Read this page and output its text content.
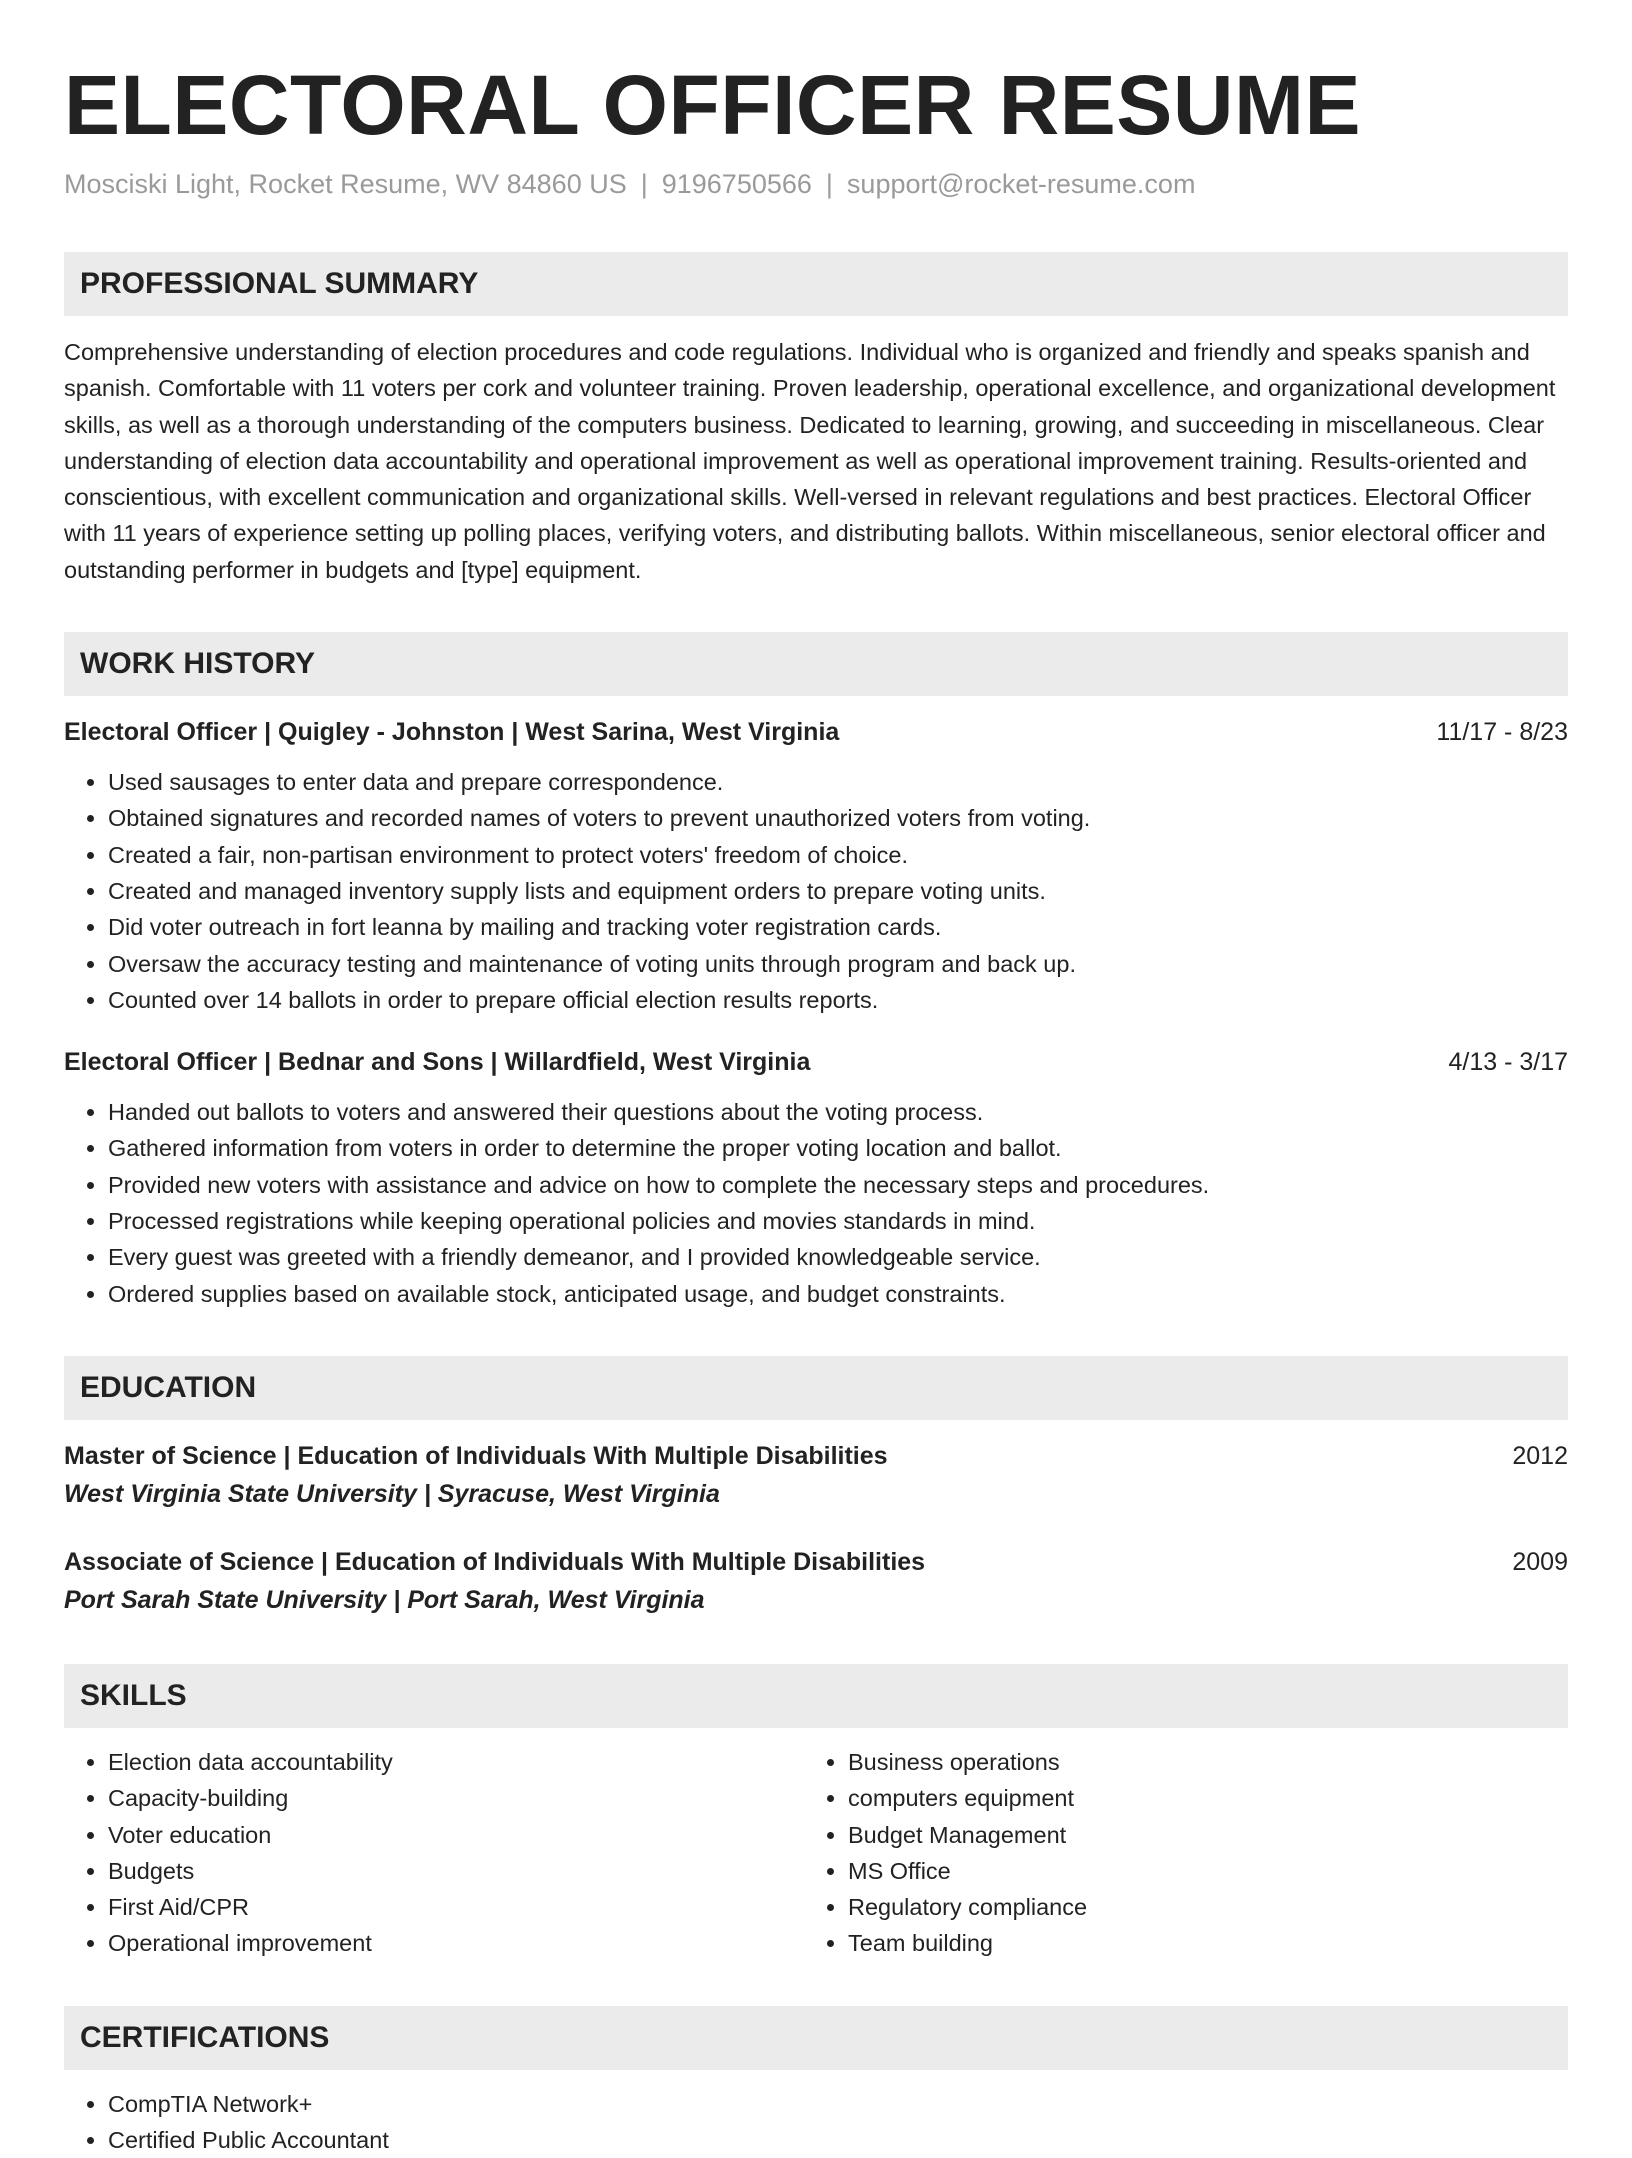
ELECTORAL OFFICER RESUME
Mosciski Light, Rocket Resume, WV 84860 US | 9196750566 | support@rocket-resume.com
PROFESSIONAL SUMMARY

Comprehensive understanding of election procedures and code regulations. Individual who is organized and friendly and speaks spanish and spanish. Comfortable with 11 voters per cork and volunteer training. Proven leadership, operational excellence, and organizational development skills, as well as a thorough understanding of the computers business. Dedicated to learning, growing, and succeeding in miscellaneous. Clear understanding of election data accountability and operational improvement as well as operational improvement training. Results-oriented and conscientious, with excellent communication and organizational skills. Well-versed in relevant regulations and best practices. Electoral Officer with 11 years of experience setting up polling places, verifying voters, and distributing ballots. Within miscellaneous, senior electoral officer and outstanding performer in budgets and [type] equipment.

WORK HISTORY
Electoral Officer | Quigley - Johnston | West Sarina, West Virginia	11/17 - 8/23
• Used sausages to enter data and prepare correspondence.
• Obtained signatures and recorded names of voters to prevent unauthorized voters from voting.
• Created a fair, non-partisan environment to protect voters' freedom of choice.
• Created and managed inventory supply lists and equipment orders to prepare voting units.
• Did voter outreach in fort leanna by mailing and tracking voter registration cards.
• Oversaw the accuracy testing and maintenance of voting units through program and back up.
• Counted over 14 ballots in order to prepare official election results reports.
Electoral Officer | Bednar and Sons | Willardfield, West Virginia	4/13 - 3/17
• Handed out ballots to voters and answered their questions about the voting process.
• Gathered information from voters in order to determine the proper voting location and ballot.
• Provided new voters with assistance and advice on how to complete the necessary steps and procedures.
• Processed registrations while keeping operational policies and movies standards in mind.
• Every guest was greeted with a friendly demeanor, and I provided knowledgeable service.
• Ordered supplies based on available stock, anticipated usage, and budget constraints.
EDUCATION
Master of Science | Education of Individuals With Multiple Disabilities	2012
West Virginia State University | Syracuse, West Virginia
Associate of Science | Education of Individuals With Multiple Disabilities	2009
Port Sarah State University | Port Sarah, West Virginia
SKILLS
• Election data accountability
• Capacity-building
• Voter education
• Budgets
• First Aid/CPR
• Operational improvement
• Business operations
• computers equipment
• Budget Management
• MS Office
• Regulatory compliance
• Team building
CERTIFICATIONS
• CompTIA Network+
• Certified Public Accountant
